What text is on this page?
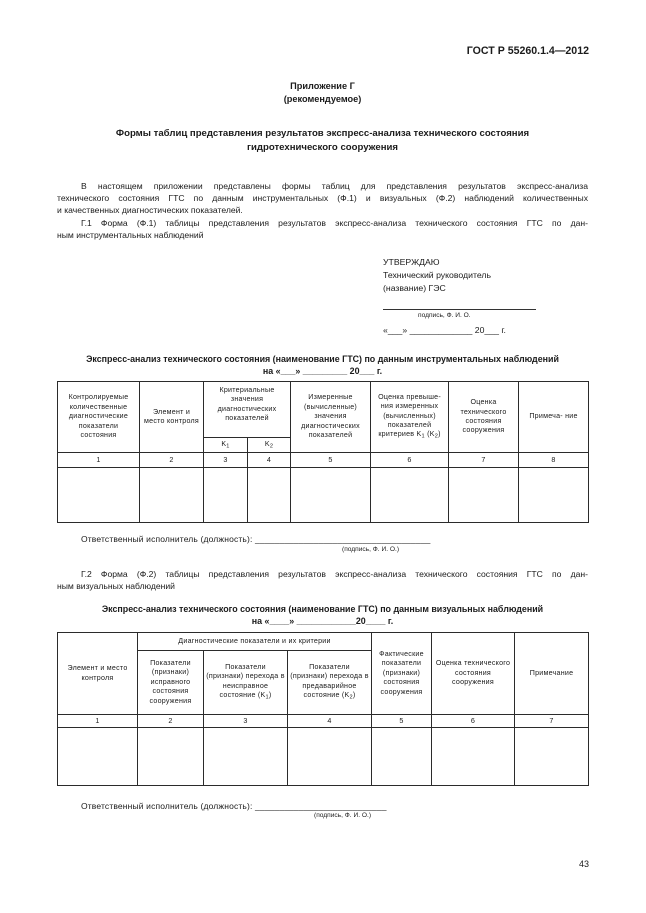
ГОСТ Р 55260.1.4—2012
Приложение Г
(рекомендуемое)
Формы таблиц представления результатов экспресс-анализа технического состояния
гидротехнического сооружения
В настоящем приложении представлены формы таблиц для представления результатов экспресс-анализа
технического состояния ГТС по данным инструментальных (Ф.1) и визуальных (Ф.2) наблюдений количественных
и качественных диагностических показателей.
Г.1 Форма (Ф.1) таблицы представления результатов экспресс-анализа технического состояния ГТС по дан-
ным инструментальных наблюдений
УТВЕРЖДАЮ
Технический руководитель
(название) ГЭС
подпись, Ф. И. О.
«___» _____________ 20___ г.
Экспресс-анализ технического состояния (наименование ГТС) по данным инструментальных наблюдений
на «___» _________ 20___ г.
Контролируемые количественные диагностические показатели состояния	Элемент и место контроля	Критериальные значения диагностических показателей		Измеренные (вычисленные) значения диагностических показателей	Оценка превыше- ния измеренных (вычисленных) показателей критериев $K_1$ $(K_2)$	Оценка технического состояния сооружения	Примеча- ние
		$K_1$	$K_2$
1	2	3	4	5	6	7	8

Ответственный исполнитель (должность): ____________________________________
(подпись, Ф. И. О.)
Г.2 Форма (Ф.2) таблицы представления результатов экспресс-анализа технического состояния ГТС по дан-
ным визуальных наблюдений
Экспресс-анализ технического состояния (наименование ГТС) по данным визуальных наблюдений
на «____» ____________20____ г.
Элемент и место контроля	Диагностические показатели и их критерии			Фактические показатели (признаки) состояния сооружения	Оценка технического состояния сооружения	Примечание
	Показатели (признаки) исправного состояния сооружения	Показатели (признаки) перехода в неисправное состояние $(K_1)$	Показатели (признаки) перехода в предаварийное состояние $(K_2)$			
1	2	3	4	5	6	7

Ответственный исполнитель (должность): ___________________________
(подпись, Ф. И. О.)
43
